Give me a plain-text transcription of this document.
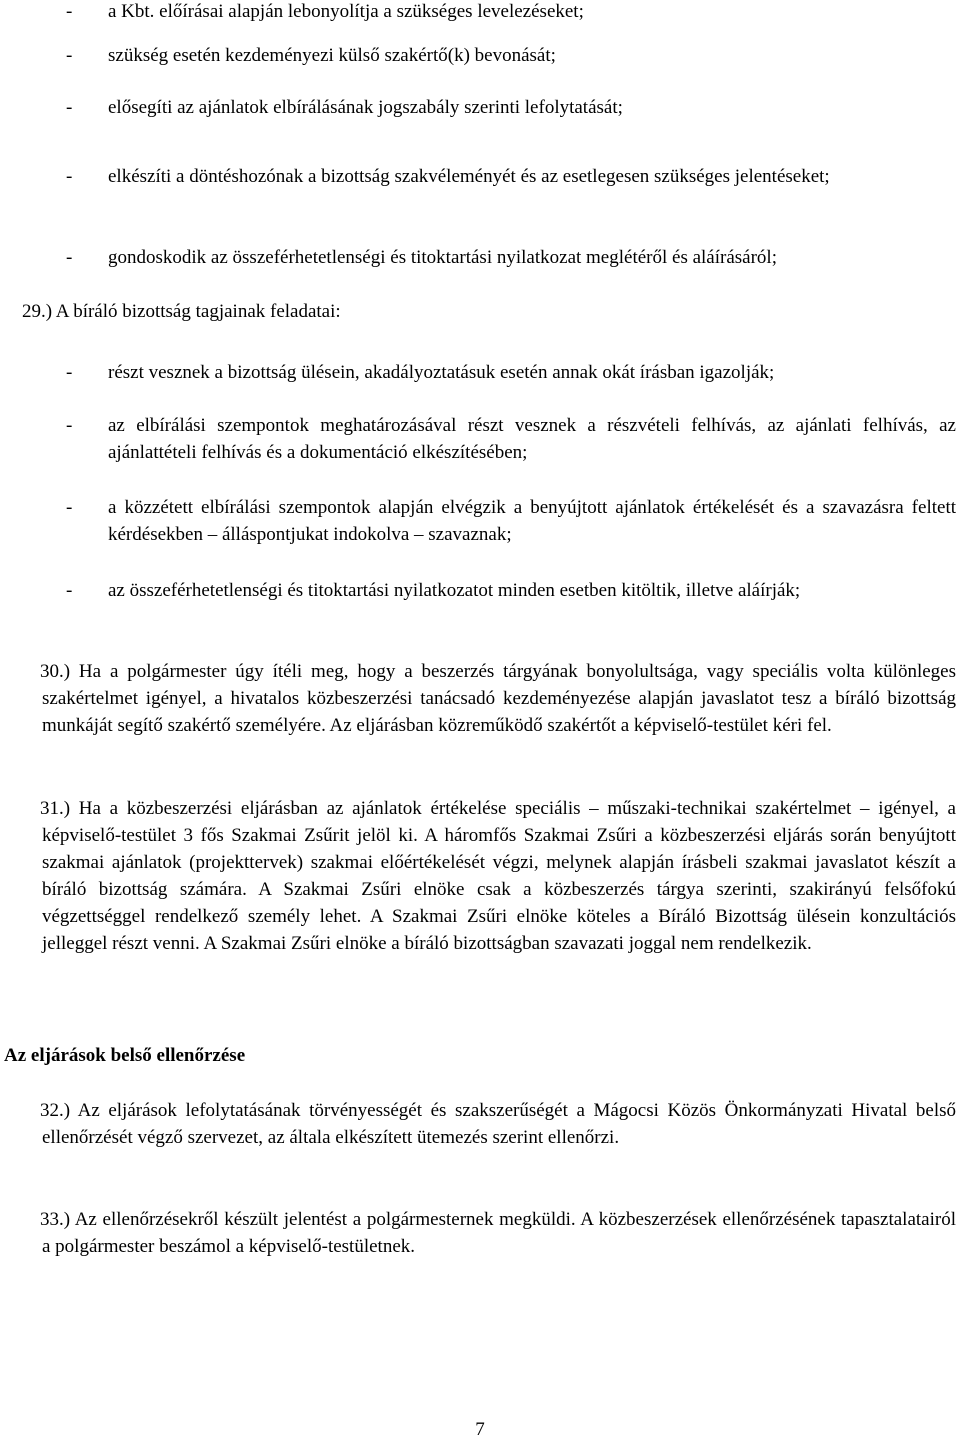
-	a Kbt. előírásai alapján lebonyolítja a szükséges levelezéseket;
-	szükség esetén kezdeményezi külső szakértő(k) bevonását;
-	elősegíti az ajánlatok elbírálásának jogszabály szerinti lefolytatását;
-	elkészíti a döntéshozónak a bizottság szakvéleményét és az esetlegesen szükséges jelentéseket;
-	gondoskodik az összeférhetetlenségi és titoktartási nyilatkozat meglétéről és aláírásáról;
29.) A bíráló bizottság tagjainak feladatai:
-	részt vesznek a bizottság ülésein, akadályoztatásuk esetén annak okát írásban igazolják;
-	az elbírálási szempontok meghatározásával részt vesznek a részvételi felhívás, az ajánlati felhívás, az ajánlattételi felhívás és a dokumentáció elkészítésében;
-	a közzétett elbírálási szempontok alapján elvégzik a benyújtott ajánlatok értékelését és a szavazásra feltett kérdésekben – álláspontjukat indokolva – szavaznak;
-	az összeférhetetlenségi és titoktartási nyilatkozatot minden esetben kitöltik, illetve aláírják;
30.) Ha a polgármester úgy ítéli meg, hogy a beszerzés tárgyának bonyolultsága, vagy speciális volta különleges szakértelmet igényel, a hivatalos közbeszerzési tanácsadó kezdeményezése alapján javaslatot tesz a bíráló bizottság munkáját segítő szakértő személyére. Az eljárásban közreműködő szakértőt a képviselő-testület kéri fel.
31.) Ha a közbeszerzési eljárásban az ajánlatok értékelése speciális – műszaki-technikai szakértelmet – igényel, a képviselő-testület 3 fős Szakmai Zsűrit jelöl ki. A háromfős Szakmai Zsűri a közbeszerzési eljárás során benyújtott szakmai ajánlatok (projekttervek) szakmai előértékelését végzi, melynek alapján írásbeli szakmai javaslatot készít a bíráló bizottság számára. A Szakmai Zsűri elnöke csak a közbeszerzés tárgya szerinti, szakirányú felsőfokú végzettséggel rendelkező személy lehet. A Szakmai Zsűri elnöke köteles a Bíráló Bizottság ülésein konzultációs jelleggel részt venni. A Szakmai Zsűri elnöke a bíráló bizottságban szavazati joggal nem rendelkezik.
Az eljárások belső ellenőrzése
32.) Az eljárások lefolytatásának törvényességét és szakszerűségét a Mágocsi Közös Önkormányzati Hivatal belső ellenőrzését végző szervezet, az általa elkészített ütemezés szerint ellenőrzi.
33.) Az ellenőrzésekről készült jelentést a polgármesternek megküldi. A közbeszerzések ellenőrzésének tapasztalatairól a polgármester beszámol a képviselő-testületnek.
7
